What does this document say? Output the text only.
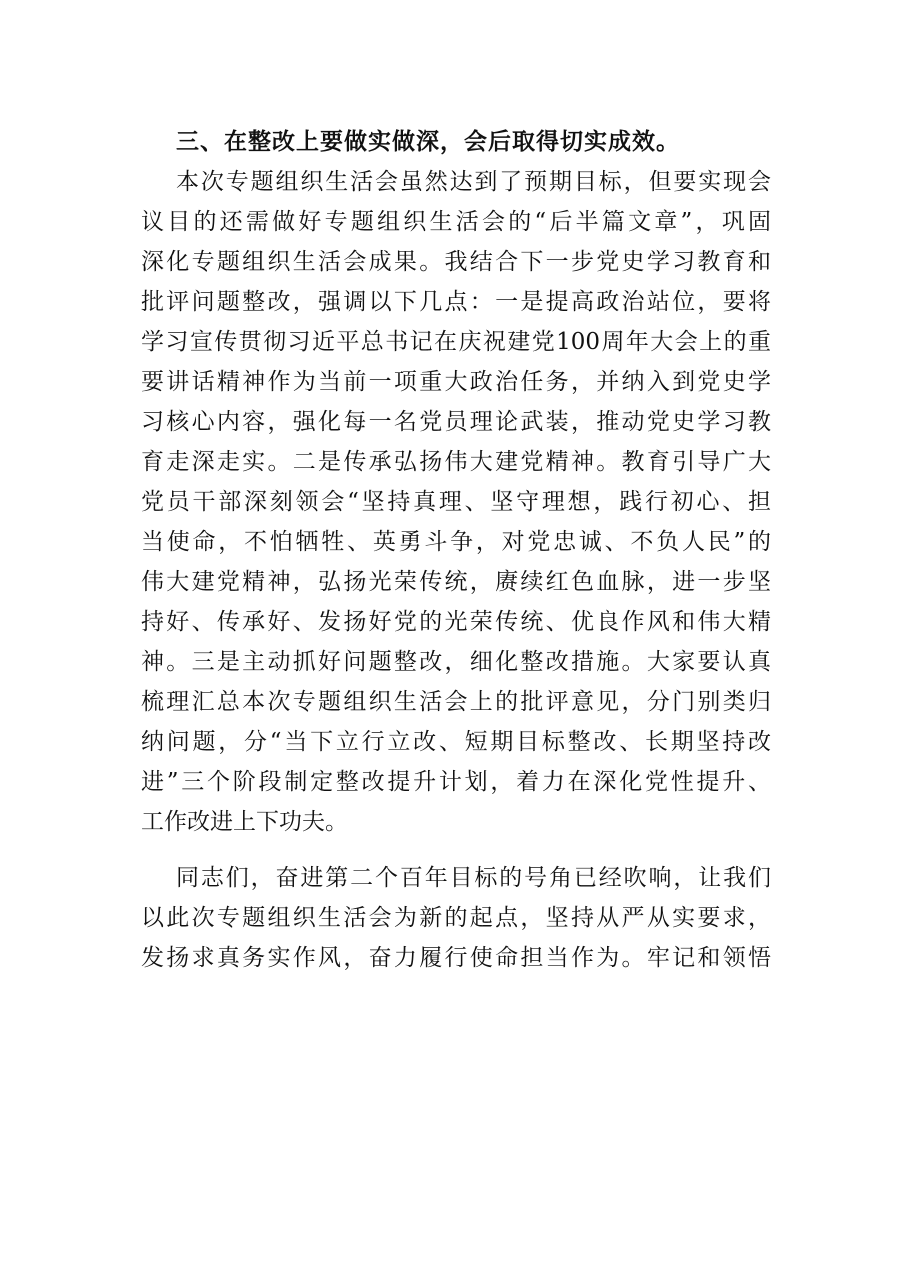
三、在整改上要做实做深，会后取得切实成效。
本次专题组织生活会虽然达到了预期目标，但要实现会
议目的还需做好专题组织生活会的“后半篇文章”，巩固
深化专题组织生活会成果。我结合下一步党史学习教育和
批评问题整改，强调以下几点：一是提高政治站位，要将
学习宣传贯彻习近平总书记在庆祝建党100周年大会上的重
要讲话精神作为当前一项重大政治任务，并纳入到党史学
习核心内容，强化每一名党员理论武装，推动党史学习教
育走深走实。二是传承弘扬伟大建党精神。教育引导广大
党员干部深刻领会“坚持真理、坚守理想，践行初心、担
当使命，不怕牺牲、英勇斗争，对党忠诚、不负人民”的
伟大建党精神，弘扬光荣传统，赓续红色血脉，进一步坚
持好、传承好、发扬好党的光荣传统、优良作风和伟大精
神。三是主动抓好问题整改，细化整改措施。大家要认真
梳理汇总本次专题组织生活会上的批评意见，分门别类归
纳问题，分“当下立行立改、短期目标整改、长期坚持改
进”三个阶段制定整改提升计划，着力在深化党性提升、
工作改进上下功夫。
同志们，奋进第二个百年目标的号角已经吹响，让我们
以此次专题组织生活会为新的起点，坚持从严从实要求，
发扬求真务实作风，奋力履行使命担当作为。牢记和领悟
